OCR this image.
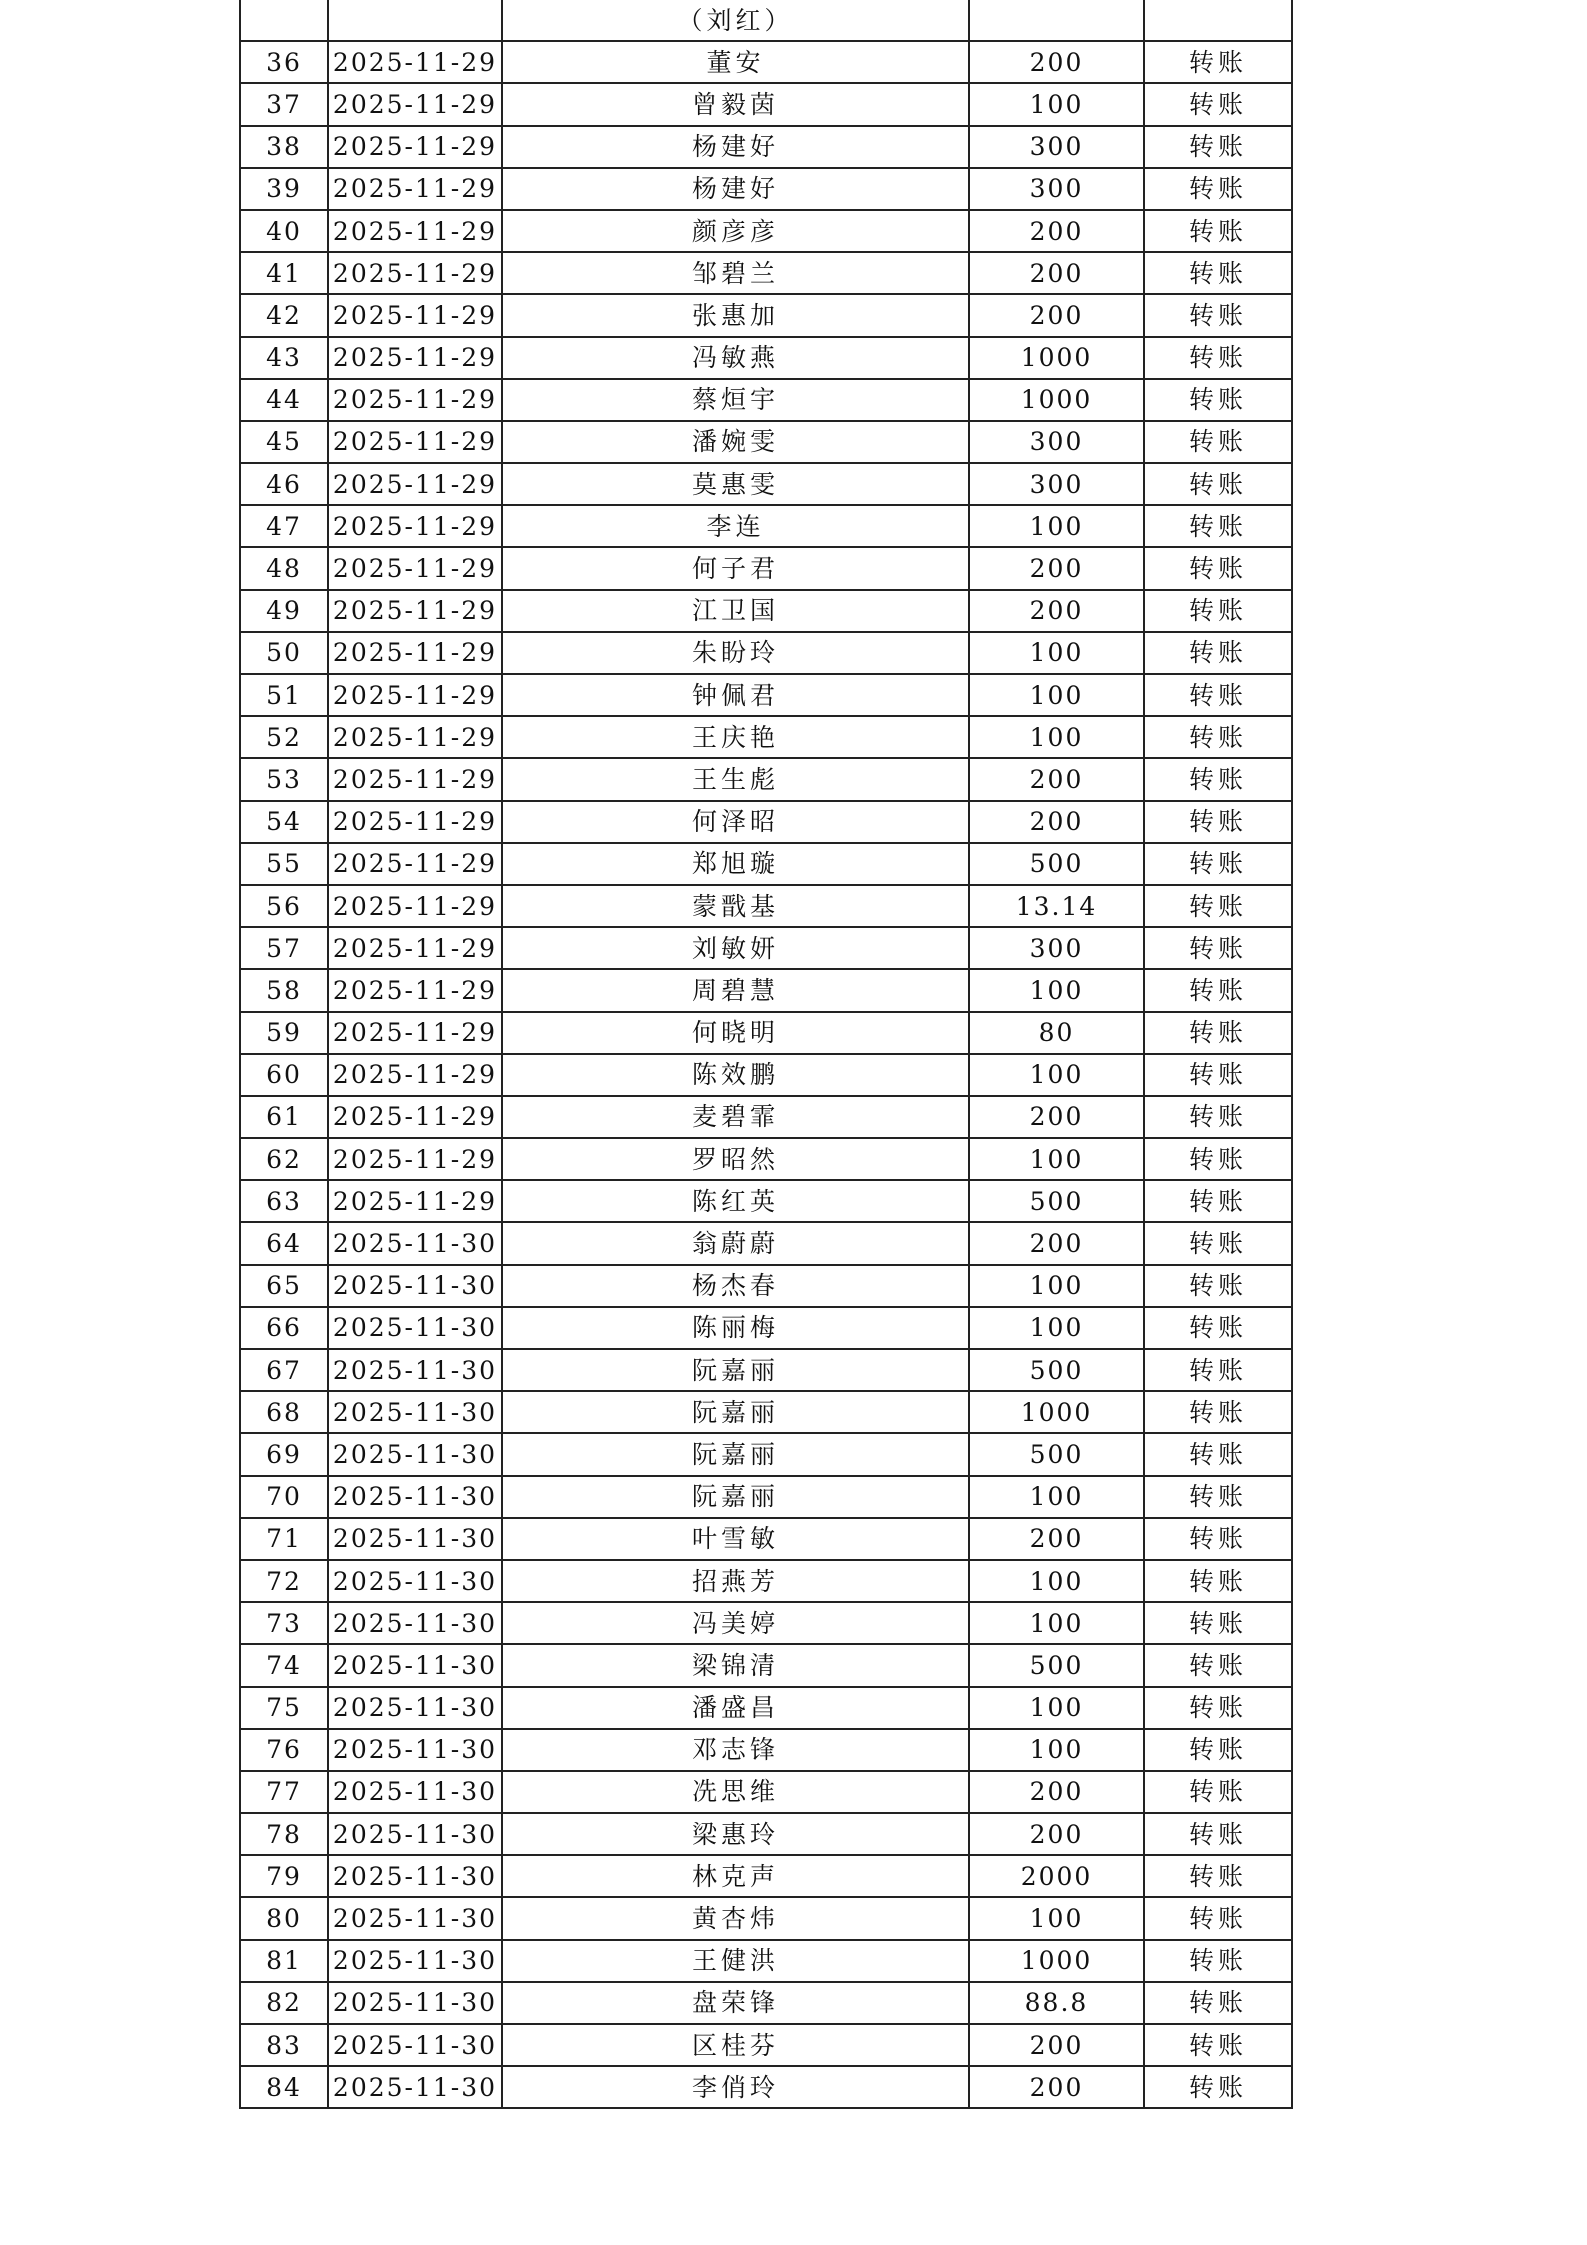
		（刘红）		
36	2025-11-29	董安	200	转账
37	2025-11-29	曾毅茵	100	转账
38	2025-11-29	杨建好	300	转账
39	2025-11-29	杨建好	300	转账
40	2025-11-29	颜彦彦	200	转账
41	2025-11-29	邹碧兰	200	转账
42	2025-11-29	张惠加	200	转账
43	2025-11-29	冯敏燕	1000	转账
44	2025-11-29	蔡烜宇	1000	转账
45	2025-11-29	潘婉雯	300	转账
46	2025-11-29	莫惠雯	300	转账
47	2025-11-29	李连	100	转账
48	2025-11-29	何子君	200	转账
49	2025-11-29	江卫国	200	转账
50	2025-11-29	朱盼玲	100	转账
51	2025-11-29	钟佩君	100	转账
52	2025-11-29	王庆艳	100	转账
53	2025-11-29	王生彪	200	转账
54	2025-11-29	何泽昭	200	转账
55	2025-11-29	郑旭璇	500	转账
56	2025-11-29	蒙戬基	13.14	转账
57	2025-11-29	刘敏妍	300	转账
58	2025-11-29	周碧慧	100	转账
59	2025-11-29	何晓明	80	转账
60	2025-11-29	陈效鹏	100	转账
61	2025-11-29	麦碧霏	200	转账
62	2025-11-29	罗昭然	100	转账
63	2025-11-29	陈红英	500	转账
64	2025-11-30	翁蔚蔚	200	转账
65	2025-11-30	杨杰春	100	转账
66	2025-11-30	陈丽梅	100	转账
67	2025-11-30	阮嘉丽	500	转账
68	2025-11-30	阮嘉丽	1000	转账
69	2025-11-30	阮嘉丽	500	转账
70	2025-11-30	阮嘉丽	100	转账
71	2025-11-30	叶雪敏	200	转账
72	2025-11-30	招燕芳	100	转账
73	2025-11-30	冯美婷	100	转账
74	2025-11-30	梁锦清	500	转账
75	2025-11-30	潘盛昌	100	转账
76	2025-11-30	邓志锋	100	转账
77	2025-11-30	冼思维	200	转账
78	2025-11-30	梁惠玲	200	转账
79	2025-11-30	林克声	2000	转账
80	2025-11-30	黄杏炜	100	转账
81	2025-11-30	王健洪	1000	转账
82	2025-11-30	盘荣锋	88.8	转账
83	2025-11-30	区桂芬	200	转账
84	2025-11-30	李俏玲	200	转账
